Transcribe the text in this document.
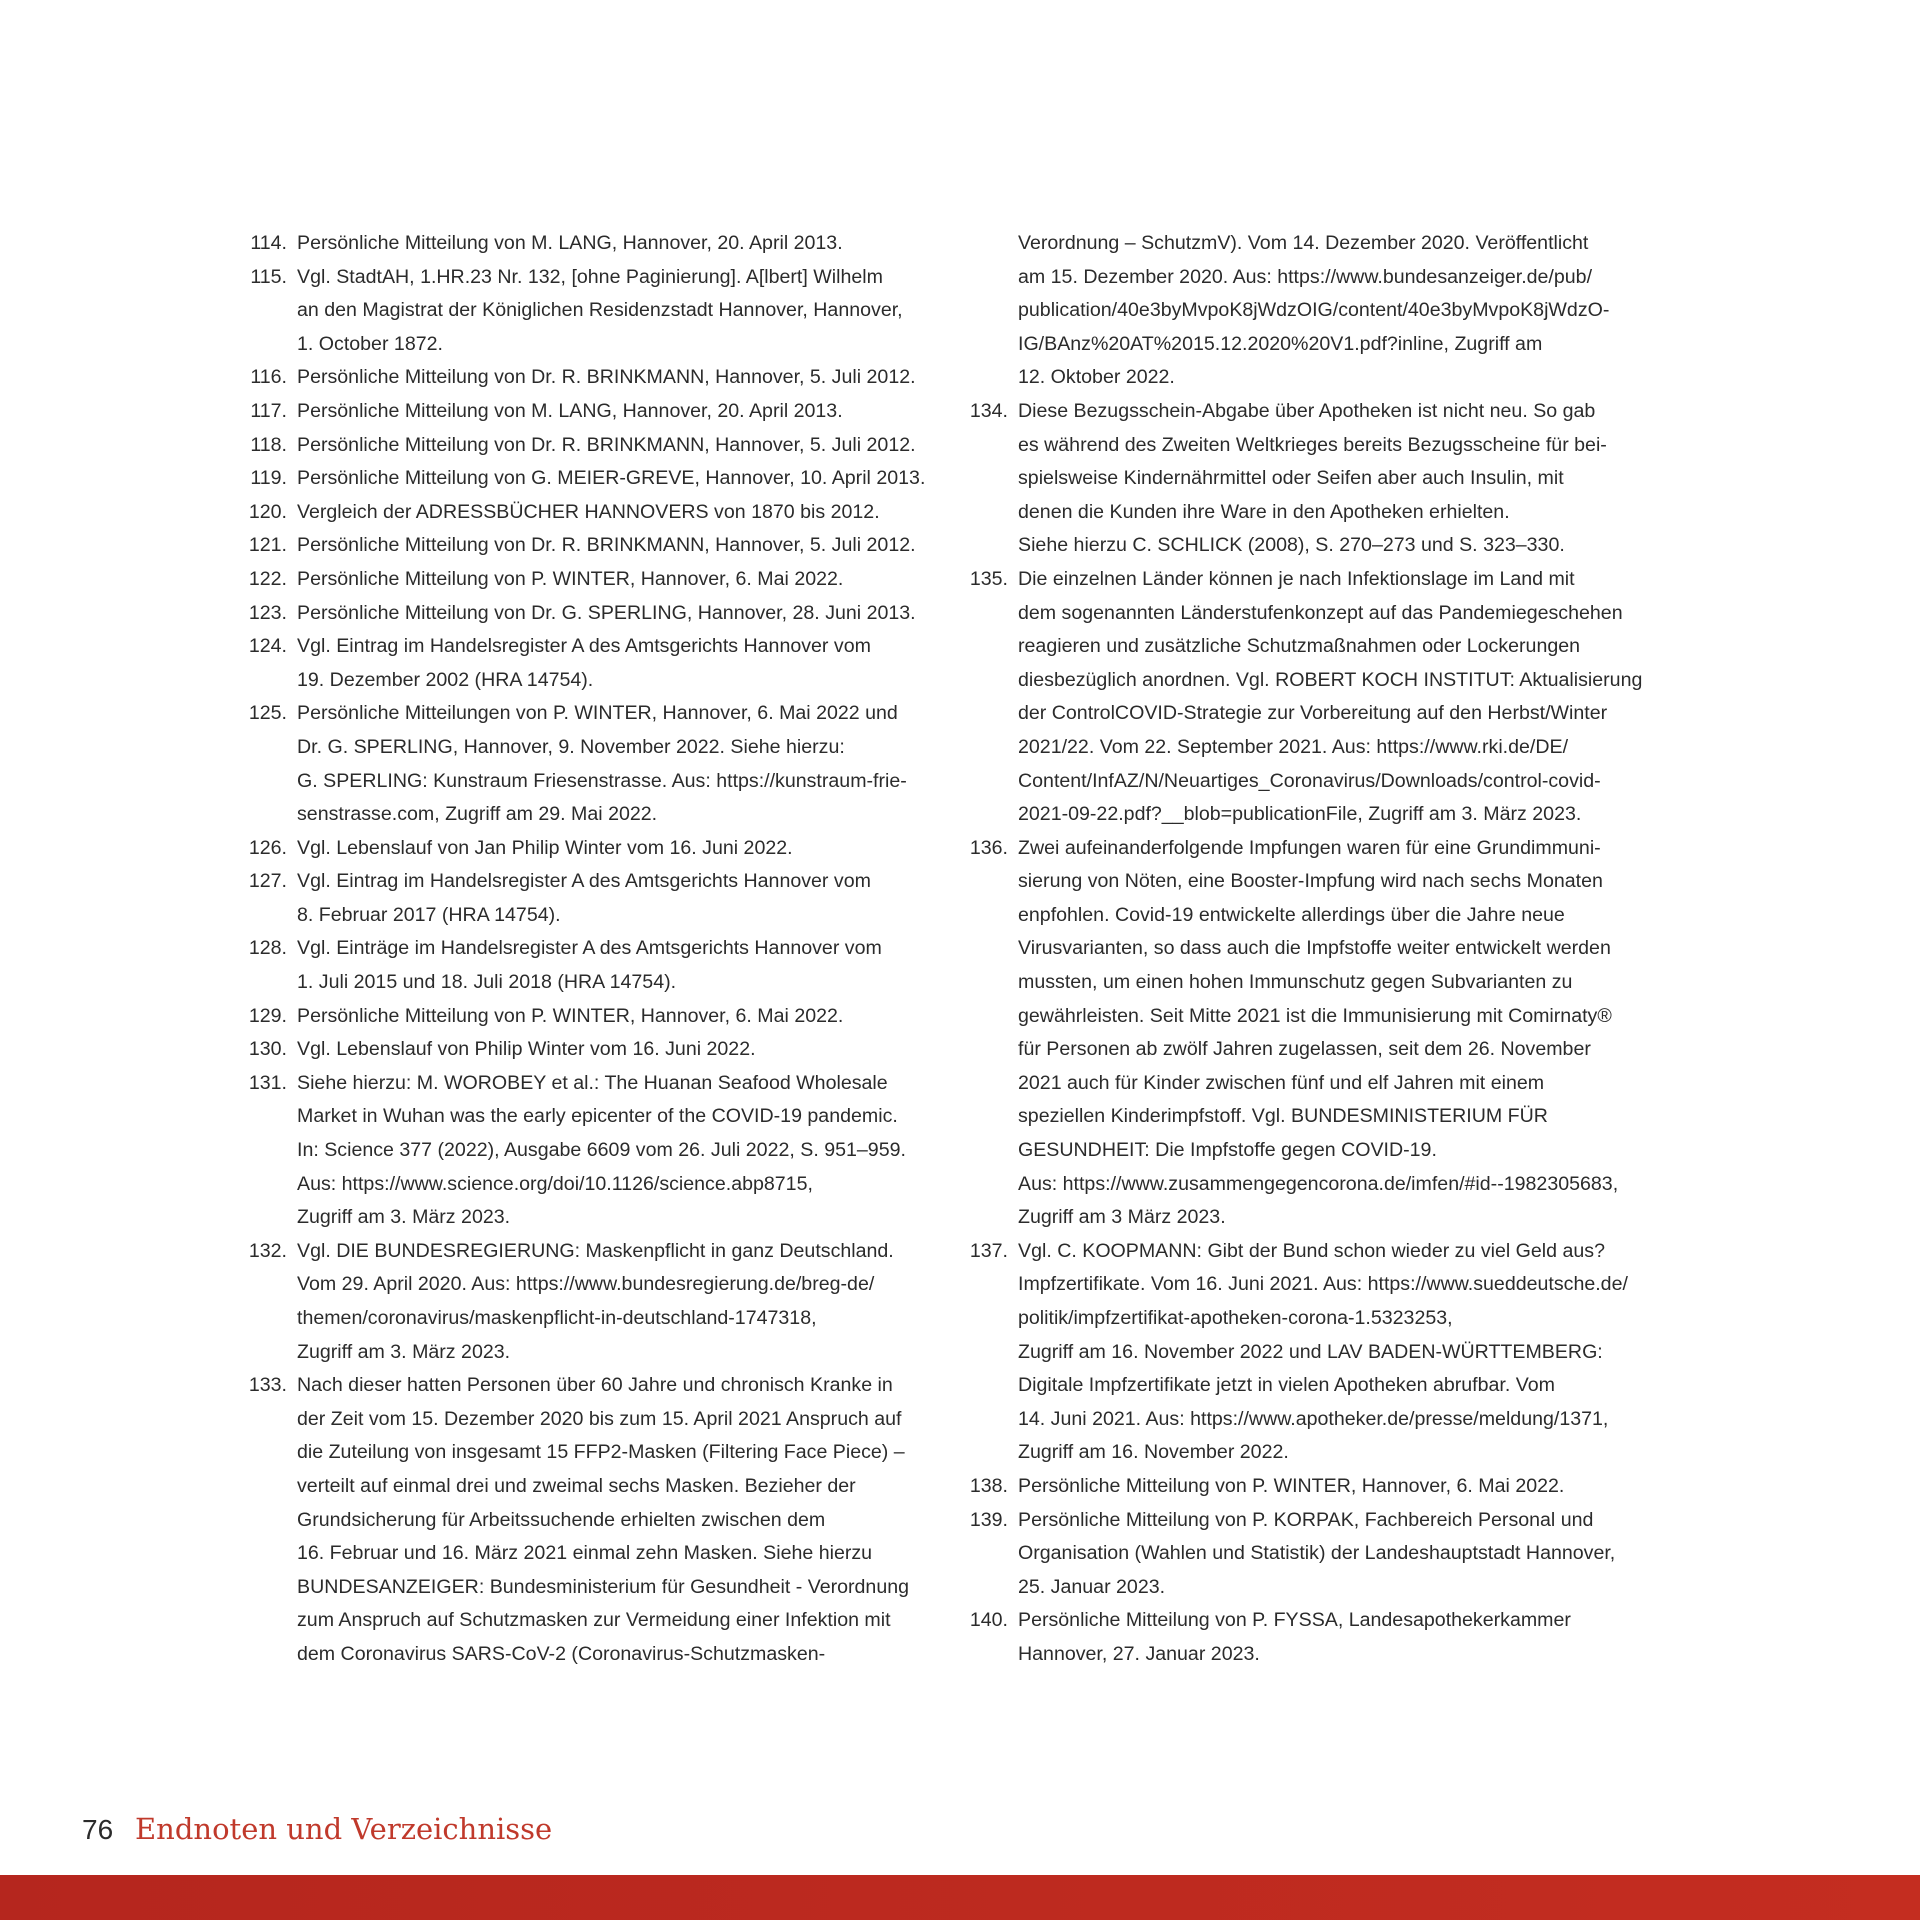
114. Persönliche Mitteilung von M. LANG, Hannover, 20. April 2013.
115. Vgl. StadtAH, 1.HR.23 Nr. 132, [ohne Paginierung]. A[lbert] Wilhelm
an den Magistrat der Königlichen Residenzstadt Hannover, Hannover,
1. October 1872.
116. Persönliche Mitteilung von Dr. R. BRINKMANN, Hannover, 5. Juli 2012.
117. Persönliche Mitteilung von M. LANG, Hannover, 20. April 2013.
118. Persönliche Mitteilung von Dr. R. BRINKMANN, Hannover, 5. Juli 2012.
119. Persönliche Mitteilung von G. MEIER-GREVE, Hannover, 10. April 2013.
120. Vergleich der ADRESSBÜCHER HANNOVERS von 1870 bis 2012.
121. Persönliche Mitteilung von Dr. R. BRINKMANN, Hannover, 5. Juli 2012.
122. Persönliche Mitteilung von P. WINTER, Hannover, 6. Mai 2022.
123. Persönliche Mitteilung von Dr. G. SPERLING, Hannover, 28. Juni 2013.
124. Vgl. Eintrag im Handelsregister A des Amtsgerichts Hannover vom
19. Dezember 2002 (HRA 14754).
125. Persönliche Mitteilungen von P. WINTER, Hannover, 6. Mai 2022 und
Dr. G. SPERLING, Hannover, 9. November 2022. Siehe hierzu:
G. SPERLING: Kunstraum Friesenstrasse. Aus: https://kunstraum-frie-
senstrasse.com, Zugriff am 29. Mai 2022.
126. Vgl. Lebenslauf von Jan Philip Winter vom 16. Juni 2022.
127. Vgl. Eintrag im Handelsregister A des Amtsgerichts Hannover vom
8. Februar 2017 (HRA 14754).
128. Vgl. Einträge im Handelsregister A des Amtsgerichts Hannover vom
1. Juli 2015 und 18. Juli 2018 (HRA 14754).
129. Persönliche Mitteilung von P. WINTER, Hannover, 6. Mai 2022.
130. Vgl. Lebenslauf von Philip Winter vom 16. Juni 2022.
131. Siehe hierzu: M. WOROBEY et al.: The Huanan Seafood Wholesale
Market in Wuhan was the early epicenter of the COVID-19 pandemic.
In: Science 377 (2022), Ausgabe 6609 vom 26. Juli 2022, S. 951–959.
Aus: https://www.science.org/doi/10.1126/science.abp8715,
Zugriff am 3. März 2023.
132. Vgl. DIE BUNDESREGIERUNG: Maskenpflicht in ganz Deutschland.
Vom 29. April 2020. Aus: https://www.bundesregierung.de/breg-de/
themen/coronavirus/maskenpflicht-in-deutschland-1747318,
Zugriff am 3. März 2023.
133. Nach dieser hatten Personen über 60 Jahre und chronisch Kranke in
der Zeit vom 15. Dezember 2020 bis zum 15. April 2021 Anspruch auf
die Zuteilung von insgesamt 15 FFP2-Masken (Filtering Face Piece) –
verteilt auf einmal drei und zweimal sechs Masken. Bezieher der
Grundsicherung für Arbeitssuchende erhielten zwischen dem
16. Februar und 16. März 2021 einmal zehn Masken. Siehe hierzu
BUNDESANZEIGER: Bundesministerium für Gesundheit - Verordnung
zum Anspruch auf Schutzmasken zur Vermeidung einer Infektion mit
dem Coronavirus SARS-CoV-2 (Coronavirus-Schutzmasken-
Verordnung – SchutzmV). Vom 14. Dezember 2020. Veröffentlicht
am 15. Dezember 2020. Aus: https://www.bundesanzeiger.de/pub/
publication/40e3byMvpoK8jWdzOIG/content/40e3byMvpoK8jWdzO-
IG/BAnz%20AT%2015.12.2020%20V1.pdf?inline, Zugriff am
12. Oktober 2022.
134. Diese Bezugsschein-Abgabe über Apotheken ist nicht neu. So gab
es während des Zweiten Weltkrieges bereits Bezugsscheine für bei-
spielsweise Kindernährmittel oder Seifen aber auch Insulin, mit
denen die Kunden ihre Ware in den Apotheken erhielten.
Siehe hierzu C. SCHLICK (2008), S. 270–273 und S. 323–330.
135. Die einzelnen Länder können je nach Infektionslage im Land mit
dem sogenannten Länderstufenkonzept auf das Pandemiegeschehen
reagieren und zusätzliche Schutzmaßnahmen oder Lockerungen
diesbezüglich anordnen. Vgl. ROBERT KOCH INSTITUT: Aktualisierung
der ControlCOVID-Strategie zur Vorbereitung auf den Herbst/Winter
2021/22. Vom 22. September 2021. Aus: https://www.rki.de/DE/
Content/InfAZ/N/Neuartiges_Coronavirus/Downloads/control-covid-
2021-09-22.pdf?__blob=publicationFile, Zugriff am 3. März 2023.
136. Zwei aufeinanderfolgende Impfungen waren für eine Grundimmuni-
sierung von Nöten, eine Booster-Impfung wird nach sechs Monaten
enpfohlen. Covid-19 entwickelte allerdings über die Jahre neue
Virusvarianten, so dass auch die Impfstoffe weiter entwickelt werden
mussten, um einen hohen Immunschutz gegen Subvarianten zu
gewährleisten. Seit Mitte 2021 ist die Immunisierung mit Comirnaty®
für Personen ab zwölf Jahren zugelassen, seit dem 26. November
2021 auch für Kinder zwischen fünf und elf Jahren mit einem
speziellen Kinderimpfstoff. Vgl. BUNDESMINISTERIUM FÜR
GESUNDHEIT: Die Impfstoffe gegen COVID-19.
Aus: https://www.zusammengegencorona.de/imfen/#id--1982305683,
Zugriff am 3 März 2023.
137. Vgl. C. KOOPMANN: Gibt der Bund schon wieder zu viel Geld aus?
Impfzertifikate. Vom 16. Juni 2021. Aus: https://www.sueddeutsche.de/
politik/impfzertifikat-apotheken-corona-1.5323253,
Zugriff am 16. November 2022 und LAV BADEN-WÜRTTEMBERG:
Digitale Impfzertifikate jetzt in vielen Apotheken abrufbar. Vom
14. Juni 2021. Aus: https://www.apotheker.de/presse/meldung/1371,
Zugriff am 16. November 2022.
138. Persönliche Mitteilung von P. WINTER, Hannover, 6. Mai 2022.
139. Persönliche Mitteilung von P. KORPAK, Fachbereich Personal und
Organisation (Wahlen und Statistik) der Landeshauptstadt Hannover,
25. Januar 2023.
140. Persönliche Mitteilung von P. FYSSA, Landesapothekerkammer
Hannover, 27. Januar 2023.
76 Endnoten und Verzeichnisse
